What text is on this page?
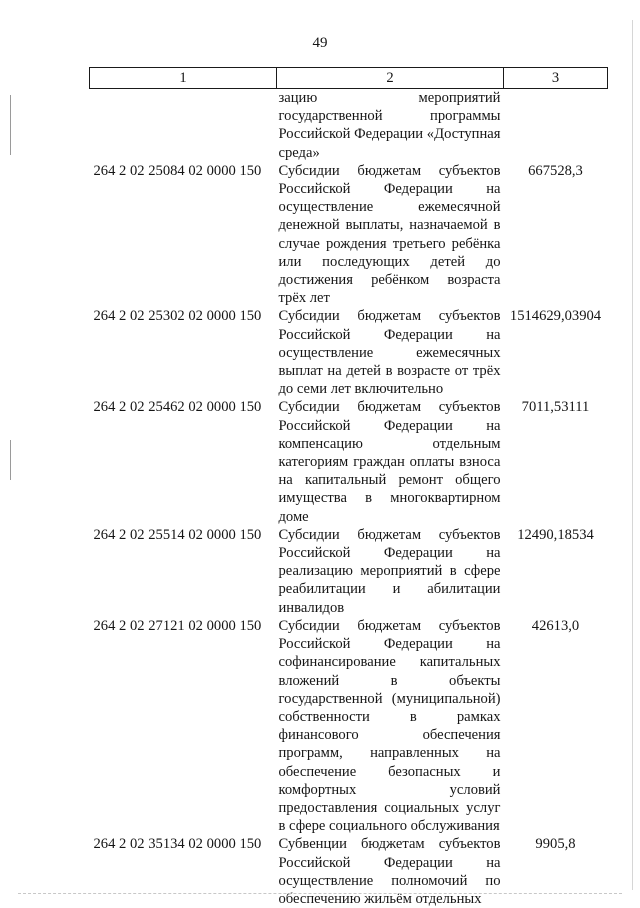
49
1	2	3
	зацию мероприятий государственной программы Российской Федерации «Доступная среда»	
264 2 02 25084 02 0000 150	Субсидии бюджетам субъектов Российской Федерации на осуществление ежемесячной денежной выплаты, назначаемой в случае рождения третьего ребёнка или последующих детей до достижения ребёнком возраста трёх лет	667528,3
264 2 02 25302 02 0000 150	Субсидии бюджетам субъектов Российской Федерации на осуществление ежемесячных выплат на детей в возрасте от трёх до семи лет включительно	1514629,03904
264 2 02 25462 02 0000 150	Субсидии бюджетам субъектов Российской Федерации на компенсацию отдельным категориям граждан оплаты взноса на капитальный ремонт общего имущества в многоквартирном доме	7011,53111
264 2 02 25514 02 0000 150	Субсидии бюджетам субъектов Российской Федерации на реализацию мероприятий в сфере реабилитации и абилитации инвалидов	12490,18534
264 2 02 27121 02 0000 150	Субсидии бюджетам субъектов Российской Федерации на софинансирование капитальных вложений в объекты государственной (муниципальной) собственности в рамках финансового обеспечения программ, направленных на обеспечение безопасных и комфортных условий предоставления социальных услуг в сфере социального обслуживания	42613,0
264 2 02 35134 02 0000 150	Субвенции бюджетам субъектов Российской Федерации на осуществление полномочий по обеспечению жильём отдельных	9905,8
